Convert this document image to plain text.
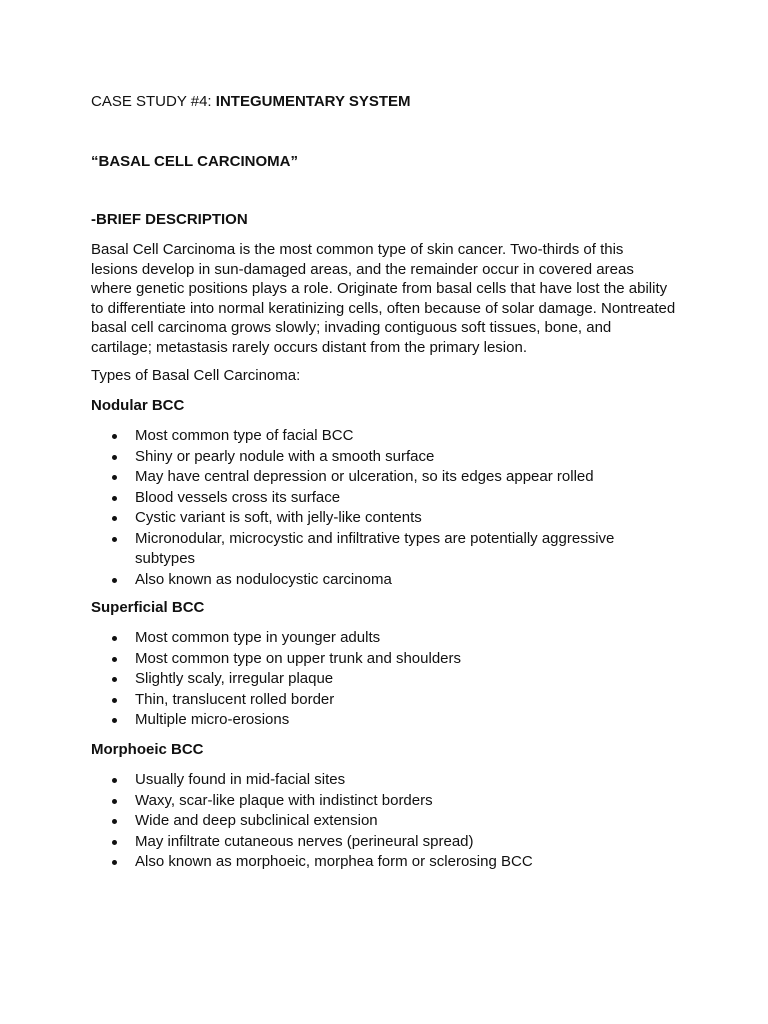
CASE STUDY #4: INTEGUMENTARY SYSTEM
“BASAL CELL CARCINOMA”
-BRIEF DESCRIPTION
Basal Cell Carcinoma is the most common type of skin cancer. Two-thirds of this
lesions develop in sun-damaged areas, and the remainder occur in covered areas
where genetic positions plays a role. Originate from basal cells that have lost the ability
to differentiate into normal keratinizing cells, often because of solar damage. Nontreated
basal cell carcinoma grows slowly; invading contiguous soft tissues, bone, and
cartilage; metastasis rarely occurs distant from the primary lesion.
Types of Basal Cell Carcinoma:
Nodular BCC
Most common type of facial BCC
Shiny or pearly nodule with a smooth surface
May have central depression or ulceration, so its edges appear rolled
Blood vessels cross its surface
Cystic variant is soft, with jelly-like contents
Micronodular, microcystic and infiltrative types are potentially aggressive subtypes
Also known as nodulocystic carcinoma
Superficial BCC
Most common type in younger adults
Most common type on upper trunk and shoulders
Slightly scaly, irregular plaque
Thin, translucent rolled border
Multiple micro-erosions
Morphoeic BCC
Usually found in mid-facial sites
Waxy, scar-like plaque with indistinct borders
Wide and deep subclinical extension
May infiltrate cutaneous nerves (perineural spread)
Also known as morphoeic, morphea form or sclerosing BCC
